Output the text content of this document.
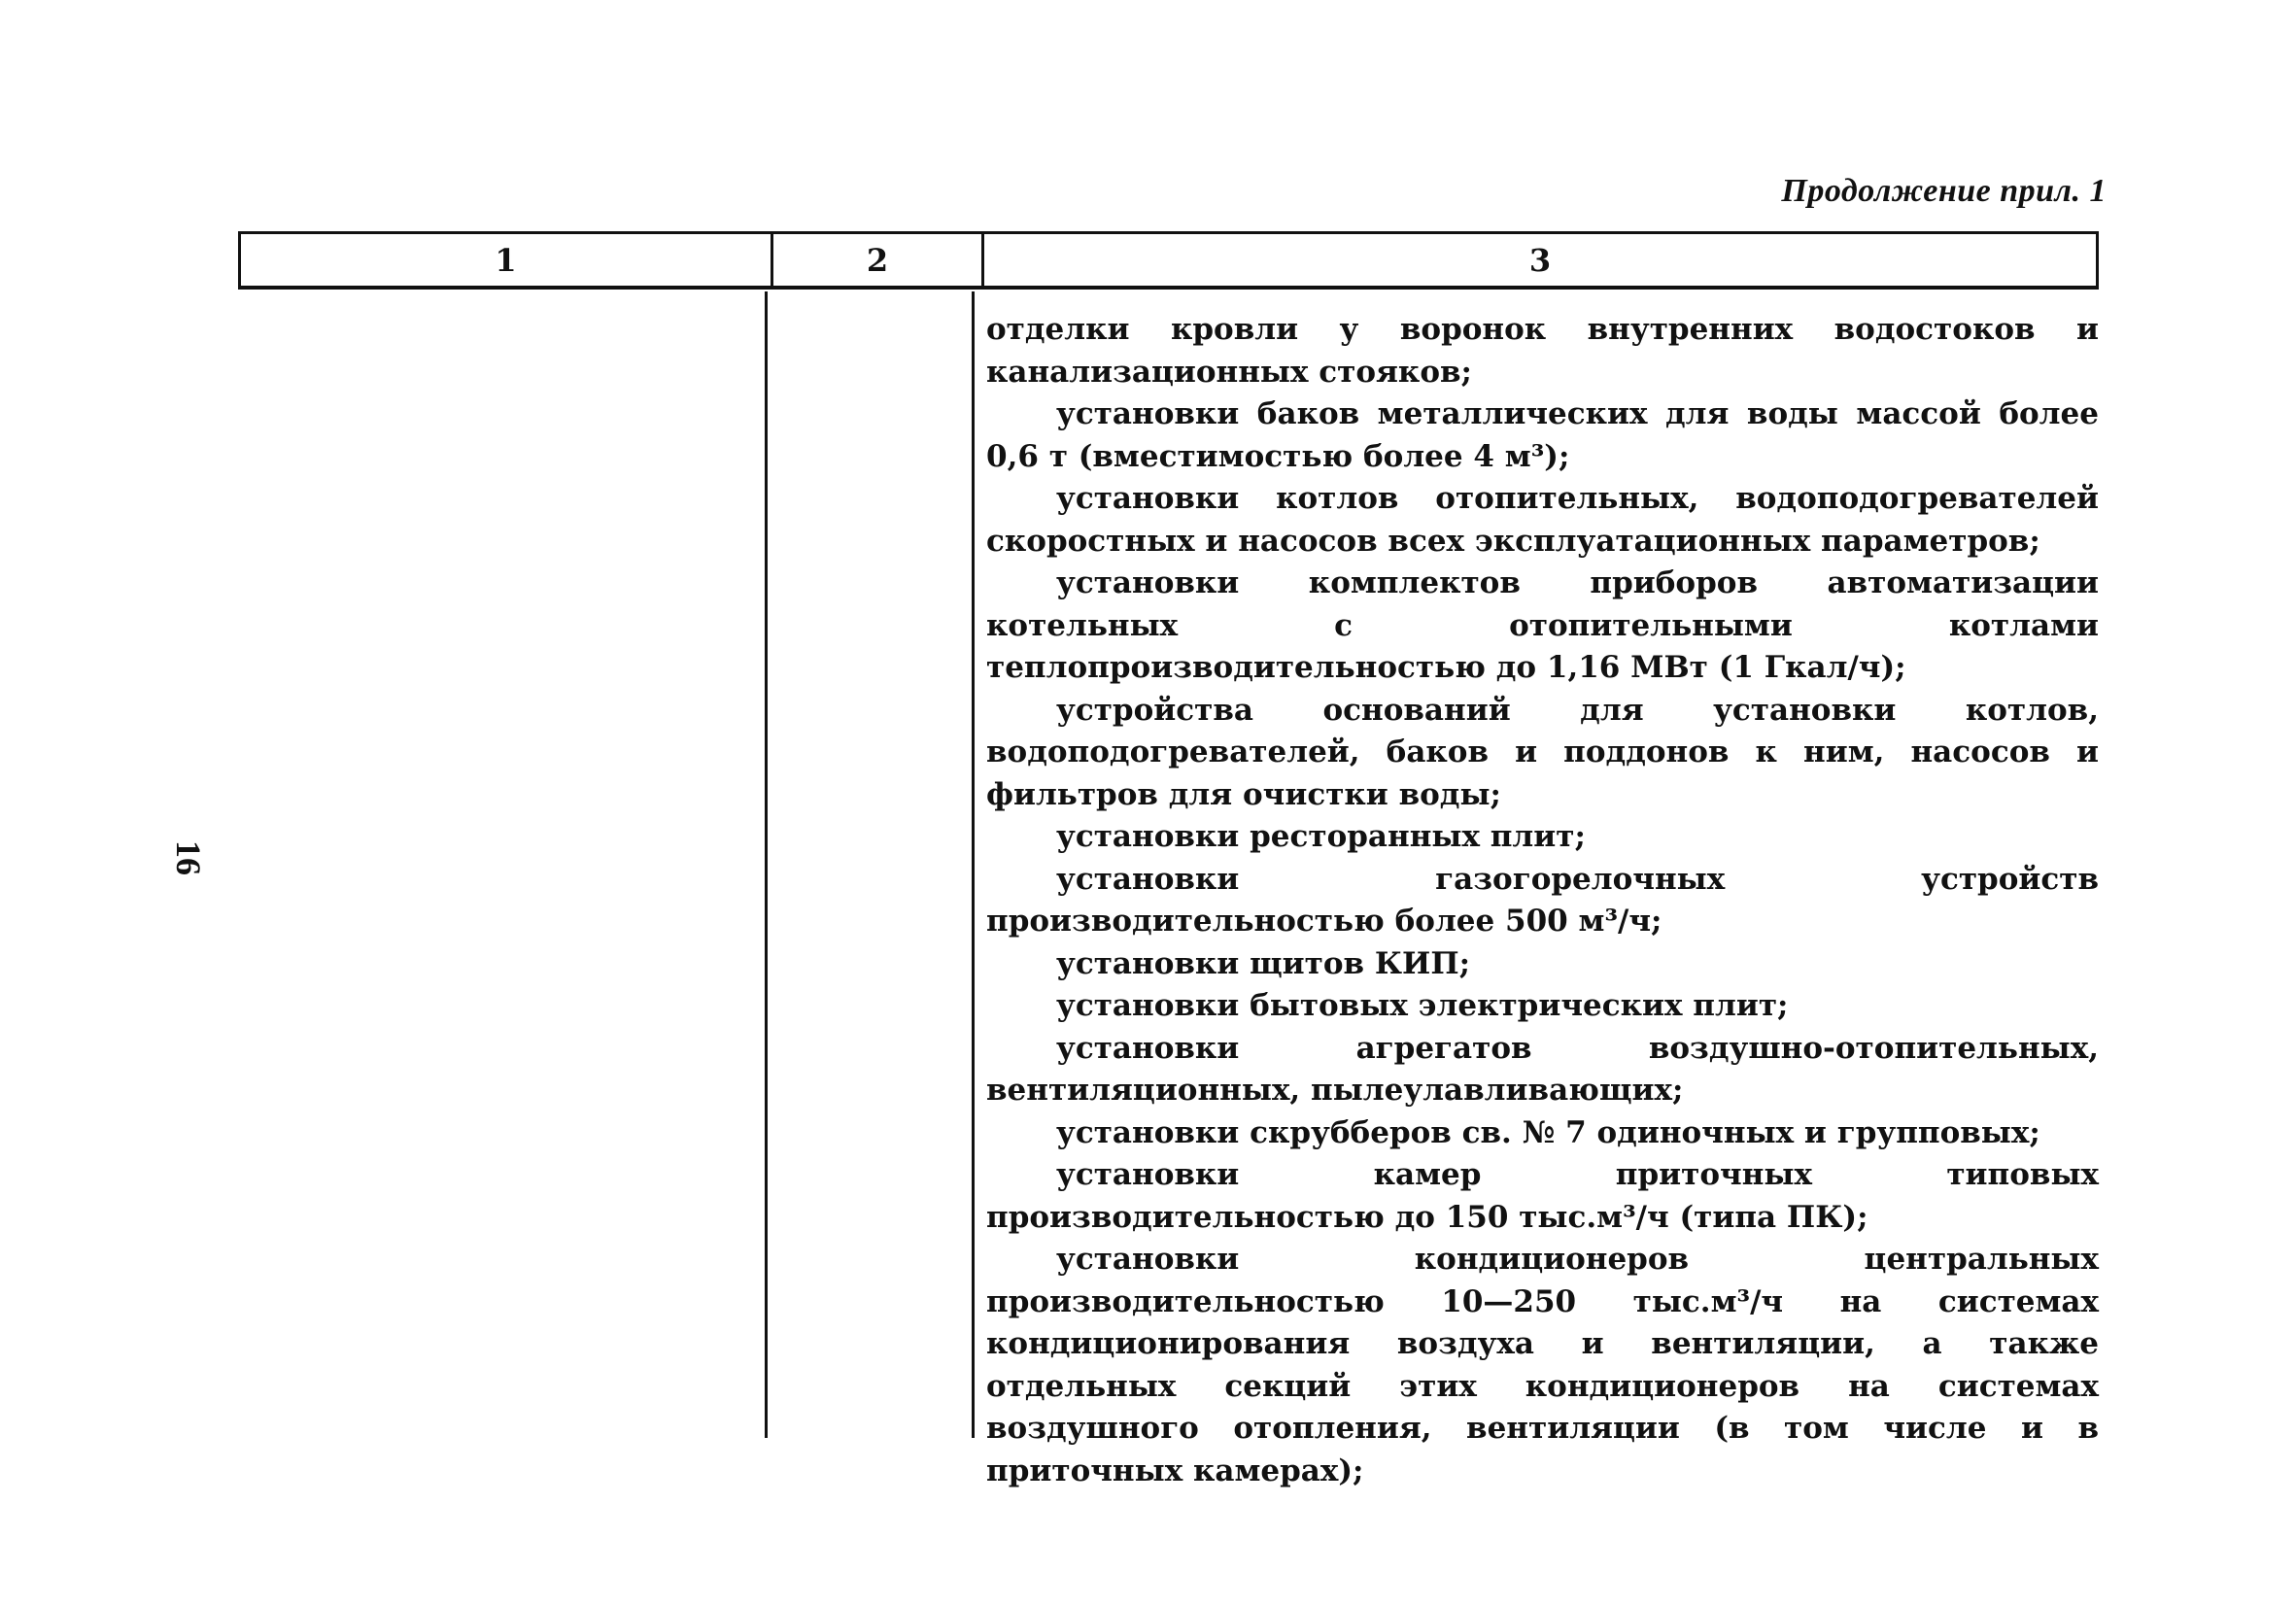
Продолжение прил. 1
16
1	2	3

отделки кровли у воронок внутренних водостоков и канализационных стояков;

установки баков металлических для воды массой более 0,6 т (вместимостью более 4 м³);

установки котлов отопительных, водоподогревателей скоростных и насосов всех эксплуатационных параметров;

установки комплектов приборов автоматизации котельных с отопительными котлами теплопроизводительностью до 1,16 МВт (1 Гкал/ч);

устройства оснований для установки котлов, водоподогревателей, баков и поддонов к ним, насосов и фильтров для очистки воды;

установки ресторанных плит;

установки газогорелочных устройств производительностью более 500 м³/ч;

установки щитов КИП;

установки бытовых электрических плит;

установки агрегатов воздушно-отопительных, вентиляционных, пылеулавливающих;

установки скрубберов св. № 7 одиночных и групповых;

установки камер приточных типовых производительностью до 150 тыс.м³/ч (типа ПК);

установки кондиционеров центральных производительностью 10—250 тыс.м³/ч на системах кондиционирования воздуха и вентиляции, а также отдельных секций этих кондиционеров на системах воздушного отопления, вентиляции (в том числе и в приточных камерах);
